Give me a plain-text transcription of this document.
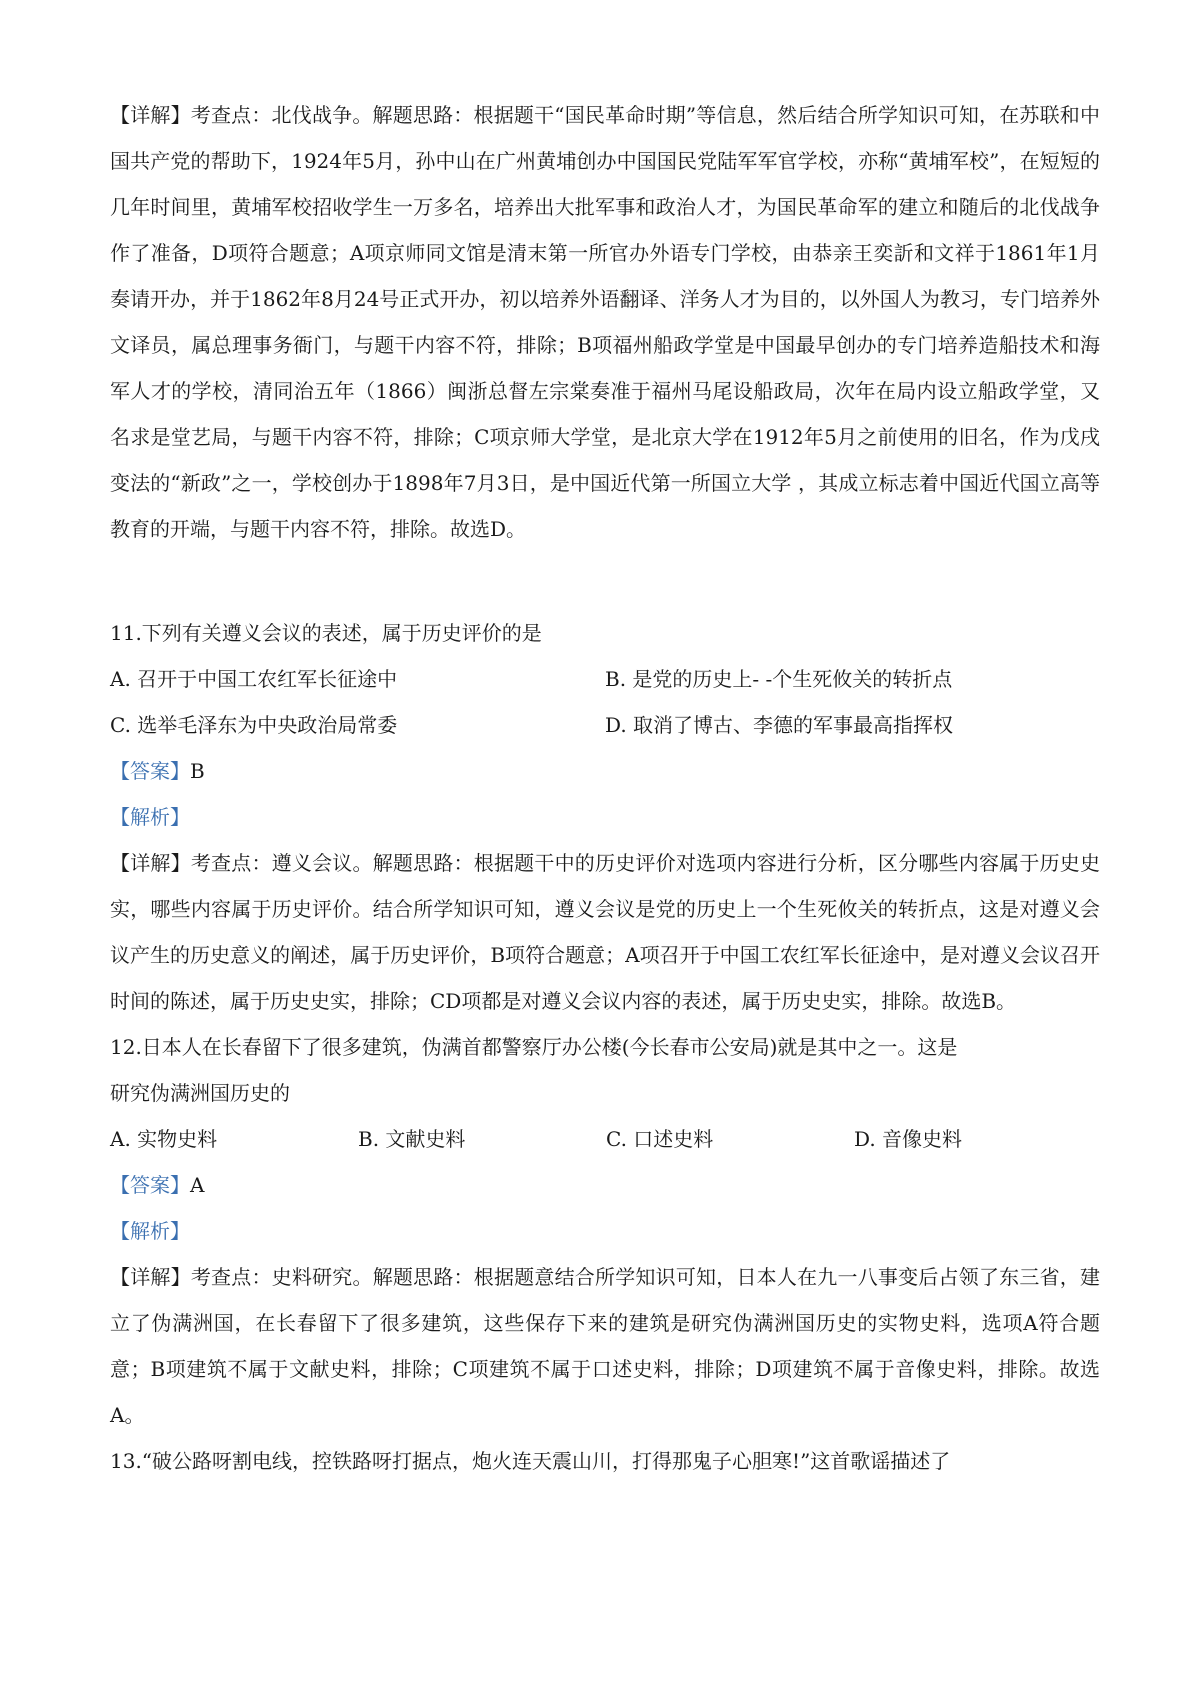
【详解】考查点：北伐战争。解题思路：根据题干“国民革命时期”等信息，然后结合所学知识可知，在苏联和中国共产党的帮助下，1924年5月，孙中山在广州黄埔创办中国国民党陆军军官学校，亦称“黄埔军校”，在短短的几年时间里，黄埔军校招收学生一万多名，培养出大批军事和政治人才，为国民革命军的建立和随后的北伐战争作了准备，D项符合题意；A项京师同文馆是清末第一所官办外语专门学校，由恭亲王奕訢和文祥于1861年1月奏请开办，并于1862年8月24号正式开办，初以培养外语翻译、洋务人才为目的，以外国人为教习，专门培养外文译员，属总理事务衙门，与题干内容不符，排除；B项福州船政学堂是中国最早创办的专门培养造船技术和海军人才的学校，清同治五年（1866）闽浙总督左宗棠奏准于福州马尾设船政局，次年在局内设立船政学堂，又名求是堂艺局，与题干内容不符，排除；C项京师大学堂，是北京大学在1912年5月之前使用的旧名，作为戊戌变法的“新政”之一，学校创办于1898年7月3日，是中国近代第一所国立大学 ，其成立标志着中国近代国立高等教育的开端，与题干内容不符，排除。故选D。

11.下列有关遵义会议的表述，属于历史评价的是

A. 召开于中国工农红军长征途中	B. 是党的历史上- -个生死攸关的转折点
C. 选举毛泽东为中央政治局常委	D. 取消了博古、李德的军事最高指挥权

【答案】B

【解析】

【详解】考查点：遵义会议。解题思路：根据题干中的历史评价对选项内容进行分析，区分哪些内容属于历史史实，哪些内容属于历史评价。结合所学知识可知，遵义会议是党的历史上一个生死攸关的转折点，这是对遵义会议产生的历史意义的阐述，属于历史评价，B项符合题意；A项召开于中国工农红军长征途中，是对遵义会议召开时间的陈述，属于历史史实，排除；CD项都是对遵义会议内容的表述，属于历史史实，排除。故选B。

12.日本人在长春留下了很多建筑，伪满首都警察厅办公楼(今长春市公安局)就是其中之一。这是

研究伪满洲国历史的

A. 实物史料	B. 文献史料	C. 口述史料	D. 音像史料

【答案】A

【解析】

【详解】考查点：史料研究。解题思路：根据题意结合所学知识可知，日本人在九一八事变后占领了东三省，建立了伪满洲国，在长春留下了很多建筑，这些保存下来的建筑是研究伪满洲国历史的实物史料，选项A符合题意；B项建筑不属于文献史料，排除；C项建筑不属于口述史料，排除；D项建筑不属于音像史料，排除。故选A。

13.“破公路呀割电线，控铁路呀打据点，炮火连天震山川，打得那鬼子心胆寒!”这首歌谣描述了
